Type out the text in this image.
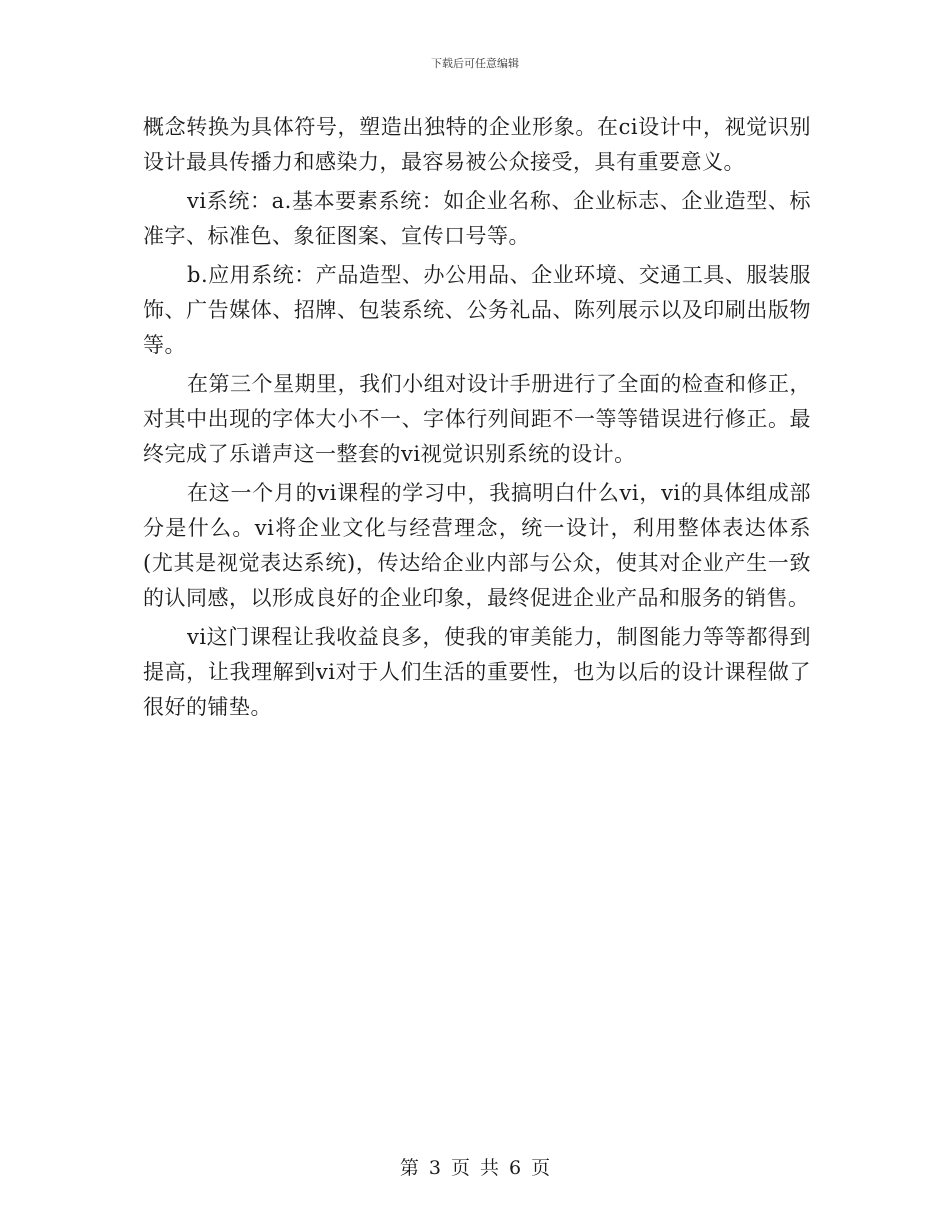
下载后可任意编辑

概念转换为具体符号，塑造出独特的企业形象。在ci设计中，视觉识别设计最具传播力和感染力，最容易被公众接受，具有重要意义。

vi系统：a.基本要素系统：如企业名称、企业标志、企业造型、标准字、标准色、象征图案、宣传口号等。

b.应用系统：产品造型、办公用品、企业环境、交通工具、服装服饰、广告媒体、招牌、包装系统、公务礼品、陈列展示以及印刷出版物等。

在第三个星期里，我们小组对设计手册进行了全面的检查和修正，对其中出现的字体大小不一、字体行列间距不一等等错误进行修正。最终完成了乐谱声这一整套的vi视觉识别系统的设计。

在这一个月的vi课程的学习中，我搞明白什么vi，vi的具体组成部分是什么。vi将企业文化与经营理念，统一设计，利用整体表达体系(尤其是视觉表达系统)，传达给企业内部与公众，使其对企业产生一致的认同感，以形成良好的企业印象，最终促进企业产品和服务的销售。

vi这门课程让我收益良多，使我的审美能力，制图能力等等都得到提高，让我理解到vi对于人们生活的重要性，也为以后的设计课程做了很好的铺垫。

第 3 页 共 6 页
